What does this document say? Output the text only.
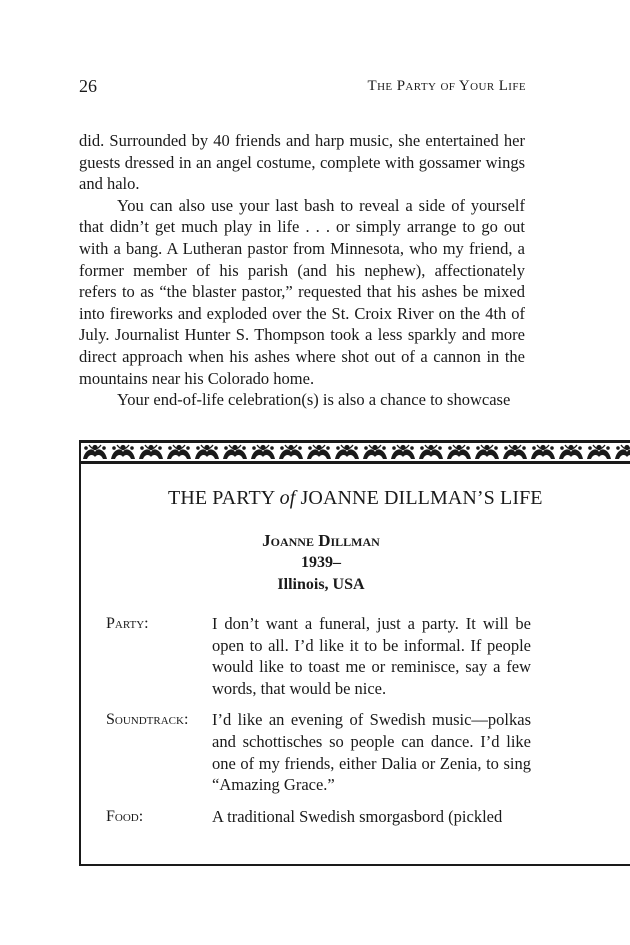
26	The Party of Your Life

did. Surrounded by 40 friends and harp music, she entertained her guests dressed in an angel costume, complete with gossamer wings and halo.

You can also use your last bash to reveal a side of yourself that didn’t get much play in life . . . or simply arrange to go out with a bang. A Lutheran pastor from Minnesota, who my friend, a former member of his parish (and his nephew), affectionately refers to as “the blaster pastor,” requested that his ashes be mixed into fireworks and exploded over the St. Croix River on the 4th of July. Journalist Hunter S. Thompson took a less sparkly and more direct approach when his ashes where shot out of a cannon in the mountains near his Colorado home.

Your end-of-life celebration(s) is also a chance to showcase

THE PARTY of JOANNE DILLMAN’S LIFE
Joanne Dillman
1939–
Illinois, USA
Party:	I don’t want a funeral, just a party. It will be open to all. I’d like it to be informal. If people would like to toast me or reminisce, say a few words, that would be nice.
Soundtrack:	I’d like an evening of Swedish music—polkas and schottisches so people can dance. I’d like one of my friends, either Dalia or Zenia, to sing “Amazing Grace.”
Food:	A traditional Swedish smorgasbord (pickled
